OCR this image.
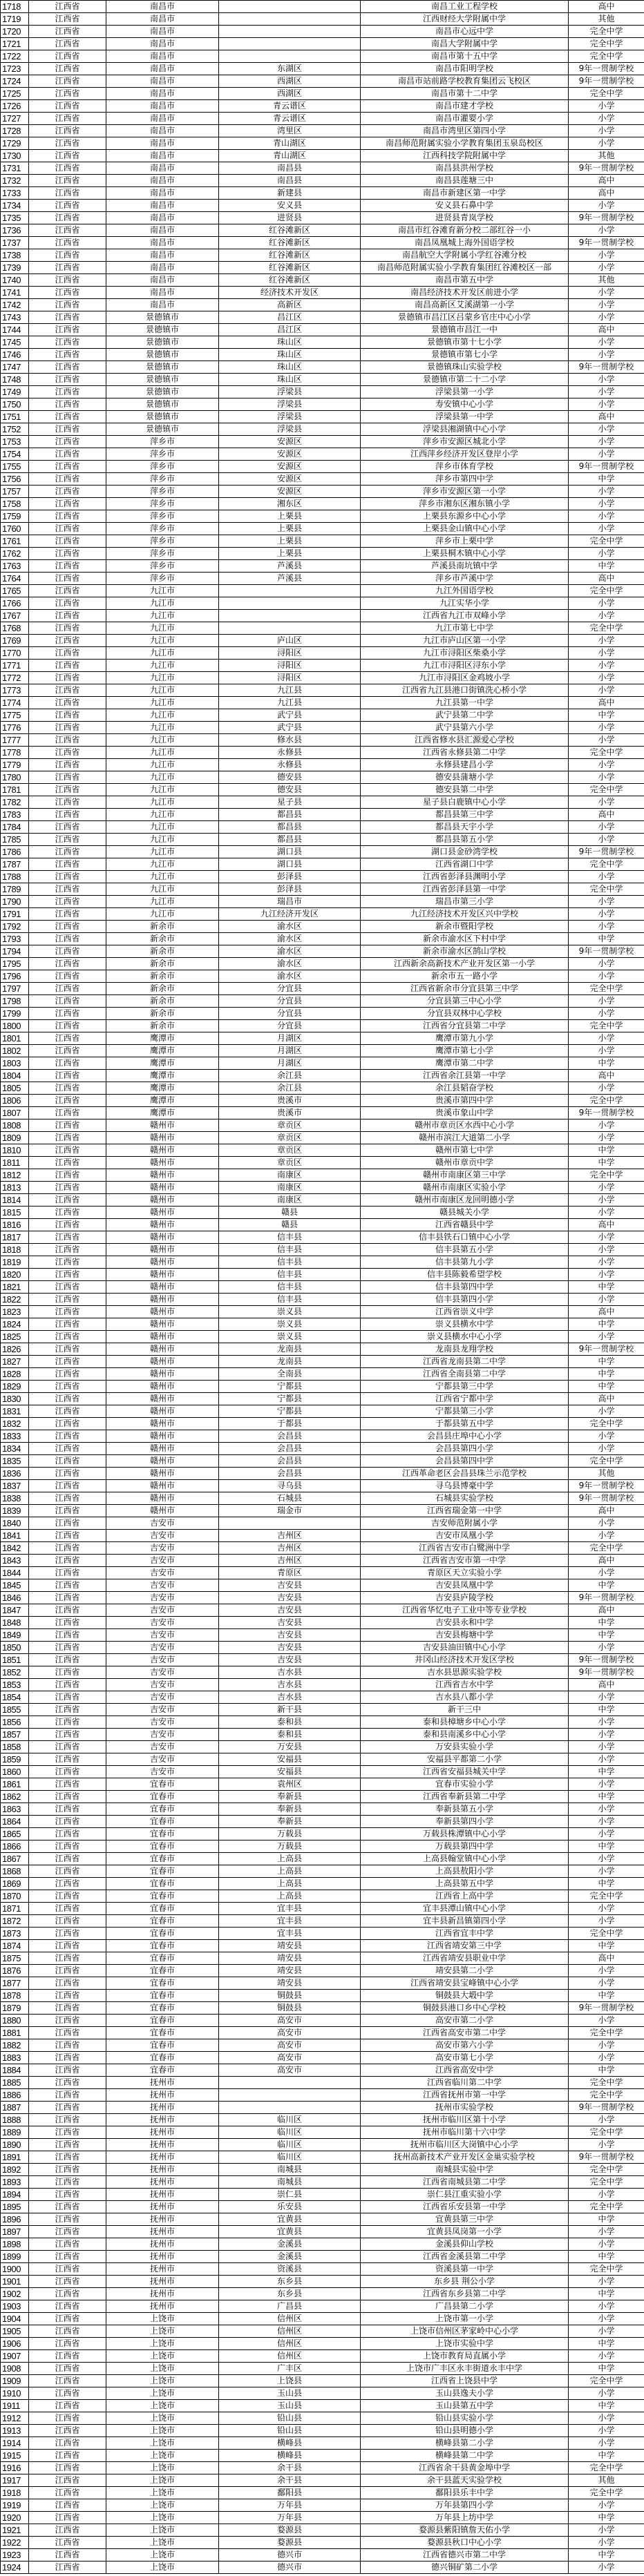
1718	江西省	南昌市		南昌工业工程学校	高中
1719	江西省	南昌市		江西财经大学附属中学	其他
1720	江西省	南昌市		南昌市心远中学	完全中学
1721	江西省	南昌市		南昌大学附属中学	完全中学
1722	江西省	南昌市		南昌市第十五中学	完全中学
1723	江西省	南昌市	东湖区	南昌市阳明学校	9年一贯制学校
1724	江西省	南昌市	西湖区	南昌市站前路学校教育集团云飞校区	9年一贯制学校
1725	江西省	南昌市	西湖区	南昌市第十二中学	完全中学
1726	江西省	南昌市	青云谱区	南昌市建才学校	小学
1727	江西省	南昌市	青云谱区	南昌市灌婴小学	小学
1728	江西省	南昌市	湾里区	南昌市湾里区第四小学	小学
1729	江西省	南昌市	青山湖区	南昌师范附属实验小学教育集团玉泉岛校区	小学
1730	江西省	南昌市	青山湖区	江西科技学院附属中学	其他
1731	江西省	南昌市	南昌县	南昌县洪州学校	9年一贯制学校
1732	江西省	南昌市	南昌县	南昌县莲塘三中	高中
1733	江西省	南昌市	新建县	南昌市新建区第一中学	高中
1734	江西省	南昌市	安义县	安义县石鼻中学	小学
1735	江西省	南昌市	进贤县	进贤县青岚学校	9年一贯制学校
1736	江西省	南昌市	红谷滩新区	南昌市红谷滩育新分校二部红谷一小	小学
1737	江西省	南昌市	红谷滩新区	南昌凤凰城上海外国语学校	9年一贯制学校
1738	江西省	南昌市	红谷滩新区	南昌航空大学附属小学红谷滩分校	小学
1739	江西省	南昌市	红谷滩新区	南昌师范附属实验小学教育集团红谷滩校区一部	小学
1740	江西省	南昌市	红谷滩新区	南昌市第五中学	其他
1741	江西省	南昌市	经济技术开发区	南昌经济技术开发区前进小学	小学
1742	江西省	南昌市	高新区	南昌高新区艾溪湖第一小学	小学
1743	江西省	景德镇市	昌江区	景德镇市昌江区吕蒙乡官庄中心小学	小学
1744	江西省	景德镇市	昌江区	景德镇市昌江一中	高中
1745	江西省	景德镇市	珠山区	景德镇市第十七小学	小学
1746	江西省	景德镇市	珠山区	景德镇市第七小学	小学
1747	江西省	景德镇市	珠山区	景德镇珠山实验学校	9年一贯制学校
1748	江西省	景德镇市	珠山区	景德镇市第二十二小学	小学
1749	江西省	景德镇市	浮梁县	浮梁县第一小学	小学
1750	江西省	景德镇市	浮梁县	寿安镇中心小学	小学
1751	江西省	景德镇市	浮梁县	浮梁县第一中学	高中
1752	江西省	景德镇市	浮梁县	浮梁县湘湖镇中心小学	小学
1753	江西省	萍乡市	安源区	萍乡市安源区城北小学	小学
1754	江西省	萍乡市	安源区	江西萍乡经济开发区登岸小学	小学
1755	江西省	萍乡市	安源区	萍乡市体育学校	9年一贯制学校
1756	江西省	萍乡市	安源区	萍乡市第四中学	中学
1757	江西省	萍乡市	安源区	萍乡市安源区第一小学	小学
1758	江西省	萍乡市	湘东区	萍乡市湘东区湘东镇小学	小学
1759	江西省	萍乡市	上栗县	上栗县东源乡中心小学	小学
1760	江西省	萍乡市	上栗县	上栗县金山镇中心小学	小学
1761	江西省	萍乡市	上栗县	萍乡市上栗中学	完全中学
1762	江西省	萍乡市	上栗县	上栗县桐木镇中心小学	小学
1763	江西省	萍乡市	芦溪县	芦溪县南坑镇中学	中学
1764	江西省	萍乡市	芦溪县	萍乡市芦溪中学	高中
1765	江西省	九江市		九江外国语学校	完全中学
1766	江西省	九江市		九江实华小学	小学
1767	江西省	九江市		江西省九江市双峰小学	小学
1768	江西省	九江市		九江市第七中学	完全中学
1769	江西省	九江市	庐山区	九江市庐山区第一小学	小学
1770	江西省	九江市	浔阳区	九江市浔阳区柴桑小学	小学
1771	江西省	九江市	浔阳区	九江市浔阳区浔东小学	小学
1772	江西省	九江市	浔阳区	九江市浔阳区金鸡坡小学	小学
1773	江西省	九江市	九江县	江西省九江县港口街镇洗心桥小学	小学
1774	江西省	九江市	九江县	九江县第一中学	高中
1775	江西省	九江市	武宁县	武宁县第二中学	中学
1776	江西省	九江市	武宁县	武宁县第六小学	小学
1777	江西省	九江市	修水县	江西省修水县汇源爱心学校	小学
1778	江西省	九江市	永修县	江西省永修县第二中学	完全中学
1779	江西省	九江市	永修县	永修县建昌小学	小学
1780	江西省	九江市	德安县	德安县蒲塘小学	小学
1781	江西省	九江市	德安县	德安县第二中学	完全中学
1782	江西省	九江市	星子县	星子县白鹿镇中心小学	小学
1783	江西省	九江市	都昌县	都昌县第三中学	高中
1784	江西省	九江市	都昌县	都昌县天宇小学	小学
1785	江西省	九江市	都昌县	都昌县第五小学	小学
1786	江西省	九江市	湖口县	湖口县金砂湾学校	9年一贯制学校
1787	江西省	九江市	湖口县	江西省湖口中学	完全中学
1788	江西省	九江市	彭泽县	江西省彭泽县渊明小学	小学
1789	江西省	九江市	彭泽县	江西省彭泽县第一中学	完全中学
1790	江西省	九江市	瑞昌市	瑞昌市第三小学	小学
1791	江西省	九江市	九江经济开发区	九江经济技术开发区兴中学校	小学
1792	江西省	新余市	渝水区	新余市暨阳学校	小学
1793	江西省	新余市	渝水区	新余市渝水区下村中学	中学
1794	江西省	新余市	渝水区	新余市渝水区鹄山学校	9年一贯制学校
1795	江西省	新余市	渝水区	江西新余高新技术产业开发区第一小学	小学
1796	江西省	新余市	渝水区	新余市五一路小学	小学
1797	江西省	新余市	分宜县	江西省新余市分宜县第三中学	完全中学
1798	江西省	新余市	分宜县	分宜县第三中心小学	小学
1799	江西省	新余市	分宜县	分宜县双林中心学校	小学
1800	江西省	新余市	分宜县	江西省分宜县第二中学	完全中学
1801	江西省	鹰潭市	月湖区	鹰潭市第九小学	小学
1802	江西省	鹰潭市	月湖区	鹰潭市第七小学	小学
1803	江西省	鹰潭市	月湖区	鹰潭市第二中学	中学
1804	江西省	鹰潭市	余江县	江西省余江县第一中学	高中
1805	江西省	鹰潭市	余江县	余江县韬奋学校	小学
1806	江西省	鹰潭市	贵溪市	贵溪市第四中学	完全中学
1807	江西省	鹰潭市	贵溪市	贵溪市象山中学	9年一贯制学校
1808	江西省	赣州市	章贡区	赣州市章贡区水西中心小学	小学
1809	江西省	赣州市	章贡区	赣州市滨江大道第二小学	小学
1810	江西省	赣州市	章贡区	赣州市第七中学	中学
1811	江西省	赣州市	章贡区	赣州市章贡中学	中学
1812	江西省	赣州市	南康区	赣州市南康区第三中学	完全中学
1813	江西省	赣州市	南康区	赣州市南康区实验小学	小学
1814	江西省	赣州市	南康区	赣州市南康区龙回明德小学	小学
1815	江西省	赣州市	赣县	赣县城关小学	小学
1816	江西省	赣州市	赣县	江西省赣县中学	高中
1817	江西省	赣州市	信丰县	信丰县铁石口镇中心小学	小学
1818	江西省	赣州市	信丰县	信丰县第五小学	小学
1819	江西省	赣州市	信丰县	信丰县第九小学	小学
1820	江西省	赣州市	信丰县	信丰县陈毅希望学校	小学
1821	江西省	赣州市	信丰县	信丰县第四中学	中学
1822	江西省	赣州市	信丰县	信丰县第四小学	小学
1823	江西省	赣州市	崇义县	江西省崇义中学	高中
1824	江西省	赣州市	崇义县	崇义县横水中学	中学
1825	江西省	赣州市	崇义县	崇义县横水中心小学	小学
1826	江西省	赣州市	龙南县	龙南县龙翔学校	9年一贯制学校
1827	江西省	赣州市	龙南县	江西省龙南县第二中学	中学
1828	江西省	赣州市	全南县	江西省全南县第二中学	中学
1829	江西省	赣州市	宁都县	宁都县第三中学	中学
1830	江西省	赣州市	宁都县	江西省宁都中学	高中
1831	江西省	赣州市	宁都县	宁都县第三小学	小学
1832	江西省	赣州市	于都县	于都县第五中学	完全中学
1833	江西省	赣州市	会昌县	会昌县庄埠中心小学	小学
1834	江西省	赣州市	会昌县	会昌县第四小学	小学
1835	江西省	赣州市	会昌县	会昌县第四中学	完全中学
1836	江西省	赣州市	会昌县	江西革命老区会昌县珠兰示范学校	其他
1837	江西省	赣州市	寻乌县	寻乌县博豪中学	9年一贯制学校
1838	江西省	赣州市	石城县	石城县实验学校	9年一贯制学校
1839	江西省	赣州市	瑞金市	江西省瑞金第一中学	高中
1840	江西省	吉安市		吉安师范附属小学	小学
1841	江西省	吉安市	吉州区	吉安市凤凰小学	小学
1842	江西省	吉安市	吉州区	江西省吉安市白鹭洲中学	完全中学
1843	江西省	吉安市	吉州区	江西省吉安市第一中学	高中
1844	江西省	吉安市	青原区	青原区天立实验小学	小学
1845	江西省	吉安市	吉安县	吉安县凤凰中学	中学
1846	江西省	吉安市	吉安县	吉安县庐陵学校	9年一贯制学校
1847	江西省	吉安市	吉安县	江西省华忆电子工业中等专业学校	高中
1848	江西省	吉安市	吉安县	吉安县永和中学	中学
1849	江西省	吉安市	吉安县	吉安县梅塘中学	中学
1850	江西省	吉安市	吉安县	吉安县油田镇中心小学	小学
1851	江西省	吉安市	吉安县	井冈山经济技术开发区学校	9年一贯制学校
1852	江西省	吉安市	吉水县	吉水县思源实验学校	9年一贯制学校
1853	江西省	吉安市	吉水县	江西省吉水中学	高中
1854	江西省	吉安市	吉水县	吉水县八都小学	小学
1855	江西省	吉安市	新干县	新干三中	中学
1856	江西省	吉安市	泰和县	泰和县樟塘乡中心小学	小学
1857	江西省	吉安市	泰和县	泰和县南溪乡中心小学	小学
1858	江西省	吉安市	万安县	万安县实验小学	小学
1859	江西省	吉安市	安福县	安福县平都第二小学	小学
1860	江西省	吉安市	安福县	江西省安福县城关中学	中学
1861	江西省	宜春市	袁州区	宜春市实验小学	小学
1862	江西省	宜春市	奉新县	江西省奉新县第二中学	中学
1863	江西省	宜春市	奉新县	奉新县第五小学	小学
1864	江西省	宜春市	奉新县	奉新县第四小学	小学
1865	江西省	宜春市	万载县	万载县株潭镇中心小学	小学
1866	江西省	宜春市	万载县	万载县第四中学	中学
1867	江西省	宜春市	上高县	上高县翰堂镇中心小学	小学
1868	江西省	宜春市	上高县	上高县敖阳小学	小学
1869	江西省	宜春市	上高县	上高县第五中学	中学
1870	江西省	宜春市	上高县	江西省上高中学	完全中学
1871	江西省	宜春市	宜丰县	宜丰县潭山镇中心小学	小学
1872	江西省	宜春市	宜丰县	宜丰县新昌镇第四小学	小学
1873	江西省	宜春市	宜丰县	江西省宜丰中学	完全中学
1874	江西省	宜春市	靖安县	江西省靖安第三中学	中学
1875	江西省	宜春市	靖安县	江西省靖安县职业中学	高中
1876	江西省	宜春市	靖安县	靖安县第二小学	小学
1877	江西省	宜春市	靖安县	江西省靖安县宝峰镇中心小学	小学
1878	江西省	宜春市	铜鼓县	铜鼓县大塅中学	中学
1879	江西省	宜春市	铜鼓县	铜鼓县港口乡中心学校	9年一贯制学校
1880	江西省	宜春市	高安市	高安市第二小学	小学
1881	江西省	宜春市	高安市	江西省高安市第二中学	完全中学
1882	江西省	宜春市	高安市	高安市第六小学	小学
1883	江西省	宜春市	高安市	高安市第七小学	小学
1884	江西省	宜春市	高安市	江西省高安中学	中学
1885	江西省	抚州市		江西省临川第二中学	完全中学
1886	江西省	抚州市		江西省抚州市第一中学	完全中学
1887	江西省	抚州市		抚州市实验学校	9年一贯制学校
1888	江西省	抚州市	临川区	抚州市临川区第十小学	小学
1889	江西省	抚州市	临川区	抚州市临川第十六中学	完全中学
1890	江西省	抚州市	临川区	抚州市临川区大岗镇中心小学	小学
1891	江西省	抚州市	临川区	抚州高新技术产业开发区金巢实验学校	9年一贯制学校
1892	江西省	抚州市	南城县	南城县实验中学	完全中学
1893	江西省	抚州市	南城县	江西省南城县第二中学	完全中学
1894	江西省	抚州市	崇仁县	崇仁县江重实验小学	小学
1895	江西省	抚州市	乐安县	江西省乐安县第一中学	完全中学
1896	江西省	抚州市	宜黄县	宜黄县第三中学	中学
1897	江西省	抚州市	宜黄县	宜黄县凤岗第一小学	小学
1898	江西省	抚州市	金溪县	金溪县仰山学校	小学
1899	江西省	抚州市	金溪县	江西省金溪县第二中学	中学
1900	江西省	抚州市	资溪县	资溪县第一中学	完全中学
1901	江西省	抚州市	东乡县	东乡县 荆公小学	小学
1902	江西省	抚州市	东乡县	江西省东乡县第二中学	中学
1903	江西省	抚州市	广昌县	广昌县第二小学	小学
1904	江西省	上饶市	信州区	上饶市第一小学	小学
1905	江西省	上饶市	信州区	上饶市信州区茅家岭中心小学	小学
1906	江西省	上饶市	信州区	上饶市实验中学	中学
1907	江西省	上饶市	信州区	上饶市教育局直属小学	小学
1908	江西省	上饶市	广丰区	上饶市广丰区永丰街道永丰中学	中学
1909	江西省	上饶市	上饶县	江西省上饶县中学	完全中学
1910	江西省	上饶市	玉山县	玉山县逸夫小学	小学
1911	江西省	上饶市	玉山县	玉山县第五中学	中学
1912	江西省	上饶市	铅山县	铅山县实验小学	小学
1913	江西省	上饶市	铅山县	铅山县明德小学	小学
1914	江西省	上饶市	横峰县	横峰县第二小学	小学
1915	江西省	上饶市	横峰县	横峰县第二中学	中学
1916	江西省	上饶市	余干县	江西省余干县黄金埠中学	完全中学
1917	江西省	上饶市	余干县	余干县蓝天实验学校	其他
1918	江西省	上饶市	鄱阳县	鄱阳县乐丰中学	完全中学
1919	江西省	上饶市	万年县	万年县第四小学	小学
1920	江西省	上饶市	万年县	万年县上坊中学	中学
1921	江西省	上饶市	婺源县	婺源县紫阳镇詹天佑小学	小学
1922	江西省	上饶市	婺源县	婺源县秋口中心小学	小学
1923	江西省	上饶市	德兴市	江西省德兴市第二中学	中学
1924	江西省	上饶市	德兴市	德兴铜矿第二小学	小学
